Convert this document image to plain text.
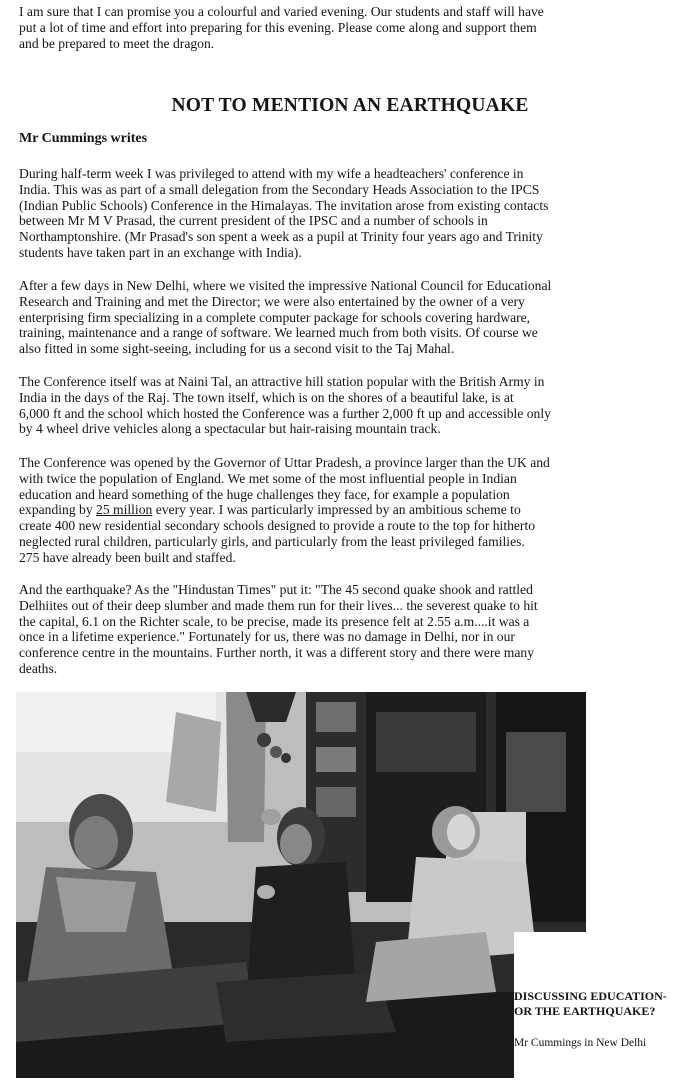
I am sure that I can promise you a colourful and varied evening. Our students and staff will have
put a lot of time and effort into preparing for this evening. Please come along and support them
and be prepared to meet the dragon.

NOT TO MENTION AN EARTHQUAKE

Mr Cummings writes

During half-term week I was privileged to attend with my wife a headteachers' conference in
India. This was as part of a small delegation from the Secondary Heads Association to the IPCS
(Indian Public Schools) Conference in the Himalayas. The invitation arose from existing contacts
between Mr M V Prasad, the current president of the IPSC and a number of schools in
Northamptonshire. (Mr Prasad's son spent a week as a pupil at Trinity four years ago and Trinity
students have taken part in an exchange with India).

After a few days in New Delhi, where we visited the impressive National Council for Educational
Research and Training and met the Director; we were also entertained by the owner of a very
enterprising firm specializing in a complete computer package for schools covering hardware,
training, maintenance and a range of software. We learned much from both visits. Of course we
also fitted in some sight-seeing, including for us a second visit to the Taj Mahal.

The Conference itself was at Naini Tal, an attractive hill station popular with the British Army in
India in the days of the Raj. The town itself, which is on the shores of a beautiful lake, is at
6,000 ft and the school which hosted the Conference was a further 2,000 ft up and accessible only
by 4 wheel drive vehicles along a spectacular but hair-raising mountain track.

The Conference was opened by the Governor of Uttar Pradesh, a province larger than the UK and
with twice the population of England. We met some of the most influential people in Indian
education and heard something of the huge challenges they face, for example a population
expanding by 25 million every year. I was particularly impressed by an ambitious scheme to
create 400 new residential secondary schools designed to provide a route to the top for hitherto
neglected rural children, particularly girls, and particularly from the least privileged families.
275 have already been built and staffed.

And the earthquake? As the "Hindustan Times" put it: "The 45 second quake shook and rattled
Delhiites out of their deep slumber and made them run for their lives... the severest quake to hit
the capital, 6.1 on the Richter scale, to be precise, made its presence felt at 2.55 a.m....it was a
once in a lifetime experience." Fortunately for us, there was no damage in Delhi, nor in our
conference centre in the mountains. Further north, it was a different story and there were many
deaths.

DISCUSSING EDUCATION-
OR THE EARTHQUAKE?

Mr Cummings in New Delhi
